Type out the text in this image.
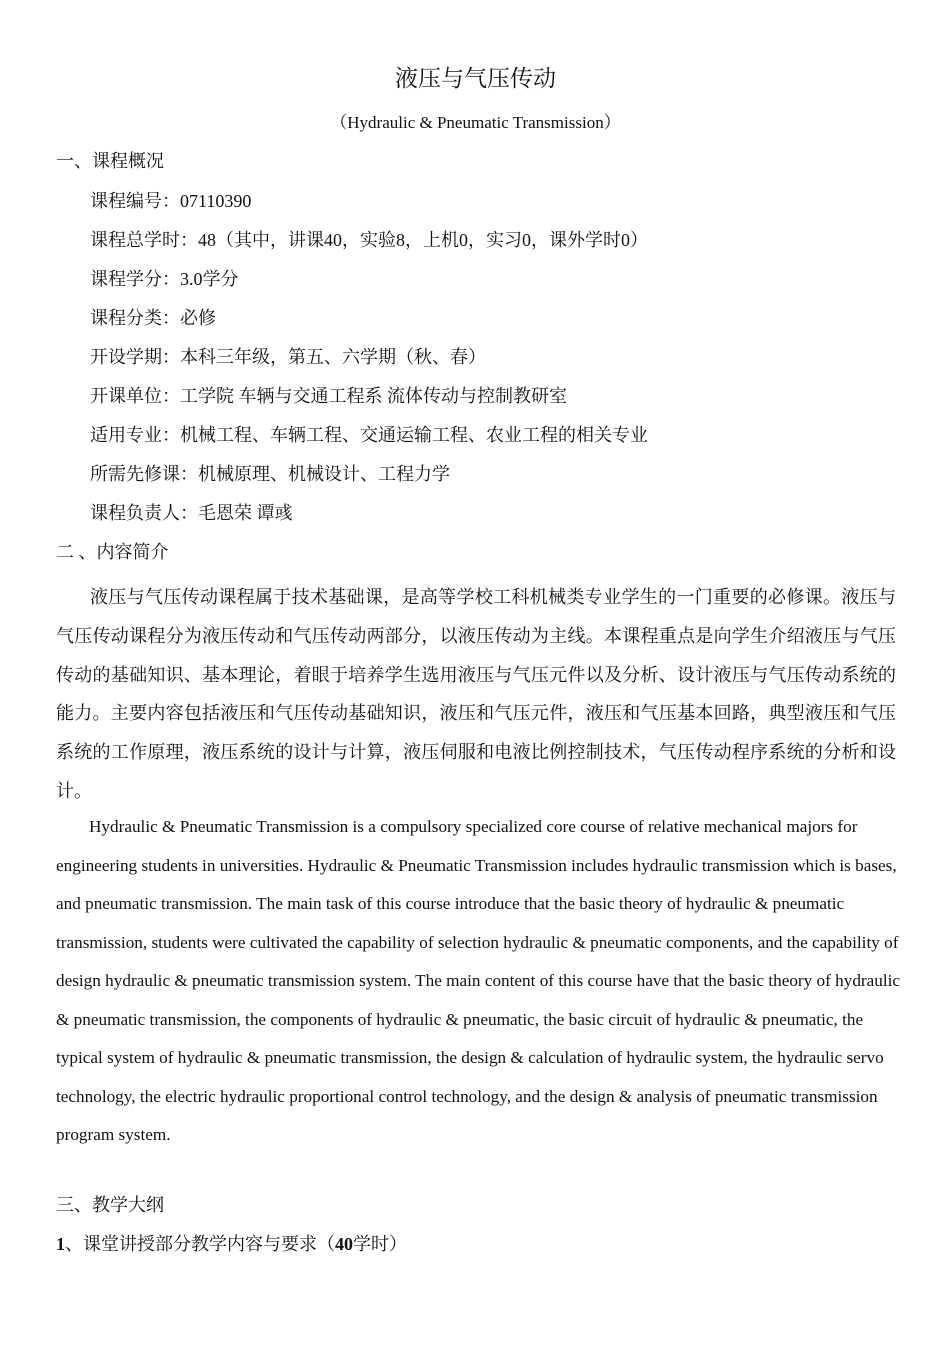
液压与气压传动
（Hydraulic & Pneumatic Transmission）
一、课程概况
课程编号：07110390
课程总学时：48（其中，讲课40，实验8，上机0，实习0，课外学时0）
课程学分：3.0学分
课程分类：必修
开设学期：本科三年级，第五、六学期（秋、春）
开课单位：工学院 车辆与交通工程系 流体传动与控制教研室
适用专业：机械工程、车辆工程、交通运输工程、农业工程的相关专业
所需先修课：机械原理、机械设计、工程力学
课程负责人：毛恩荣 谭彧
二 、内容简介

液压与气压传动课程属于技术基础课，是高等学校工科机械类专业学生的一门重要的必修课。液压与气压传动课程分为液压传动和气压传动两部分，以液压传动为主线。本课程重点是向学生介绍液压与气压传动的基础知识、基本理论，着眼于培养学生选用液压与气压元件以及分析、设计液压与气压传动系统的能力。主要内容包括液压和气压传动基础知识，液压和气压元件，液压和气压基本回路，典型液压和气压系统的工作原理，液压系统的设计与计算，液压伺服和电液比例控制技术，气压传动程序系统的分析和设计。

Hydraulic & Pneumatic Transmission is a compulsory specialized core course of relative mechanical majors for engineering students in universities. Hydraulic & Pneumatic Transmission includes hydraulic transmission which is bases, and pneumatic transmission. The main task of this course introduce that the basic theory of hydraulic & pneumatic transmission, students were cultivated the capability of selection hydraulic & pneumatic components, and the capability of design hydraulic & pneumatic transmission system. The main content of this course have that the basic theory of hydraulic & pneumatic transmission, the components of hydraulic & pneumatic, the basic circuit of hydraulic & pneumatic, the typical system of hydraulic & pneumatic transmission, the design & calculation of hydraulic system, the hydraulic servo technology, the electric hydraulic proportional control technology, and the design & analysis of pneumatic transmission program system.

三、教学大纲
1、课堂讲授部分教学内容与要求（40学时）
